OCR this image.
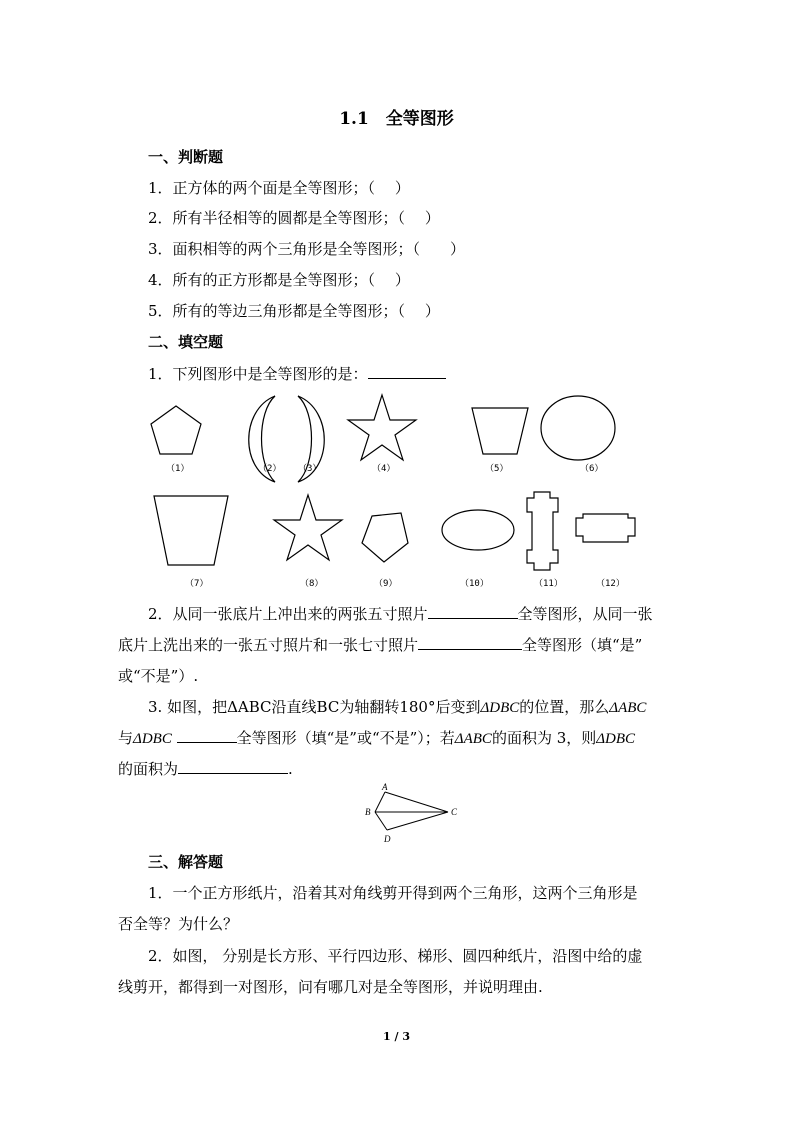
1.1　全等图形
一、判断题
1．正方体的两个面是全等图形；（　 ）
2．所有半径相等的圆都是全等图形；（　 ）
3．面积相等的两个三角形是全等图形；（　　）
4．所有的正方形都是全等图形；（　 ）
5．所有的等边三角形都是全等图形；（　 ）
二、填空题
1．下列图形中是全等图形的是：
（1）	（2） （3）	（4）	（5）	（6）
（7）	（8）	（9）	（10）	（11）	（12）
2．从同一张底片上冲出来的两张五寸照片	全等图形，从同一张
底片上洗出来的一张五寸照片和一张七寸照片	全等图形（填“是”
或“不是”）.
3. 如图，把ΔABC沿直线BC为轴翻转180°后变到ΔDBC的位置，那么ΔABC
与ΔDBC	全等图形（填“是”或“不是”）；若ΔABC的面积为 3，则ΔDBC
的面积为	.
A
B	C
D
三、解答题
1．一个正方形纸片，沿着其对角线剪开得到两个三角形，这两个三角形是
否全等？为什么？
2．如图， 分别是长方形、平行四边形、梯形、圆四种纸片，沿图中给的虚
线剪开，都得到一对图形，问有哪几对是全等图形，并说明理由.
1 / 3
